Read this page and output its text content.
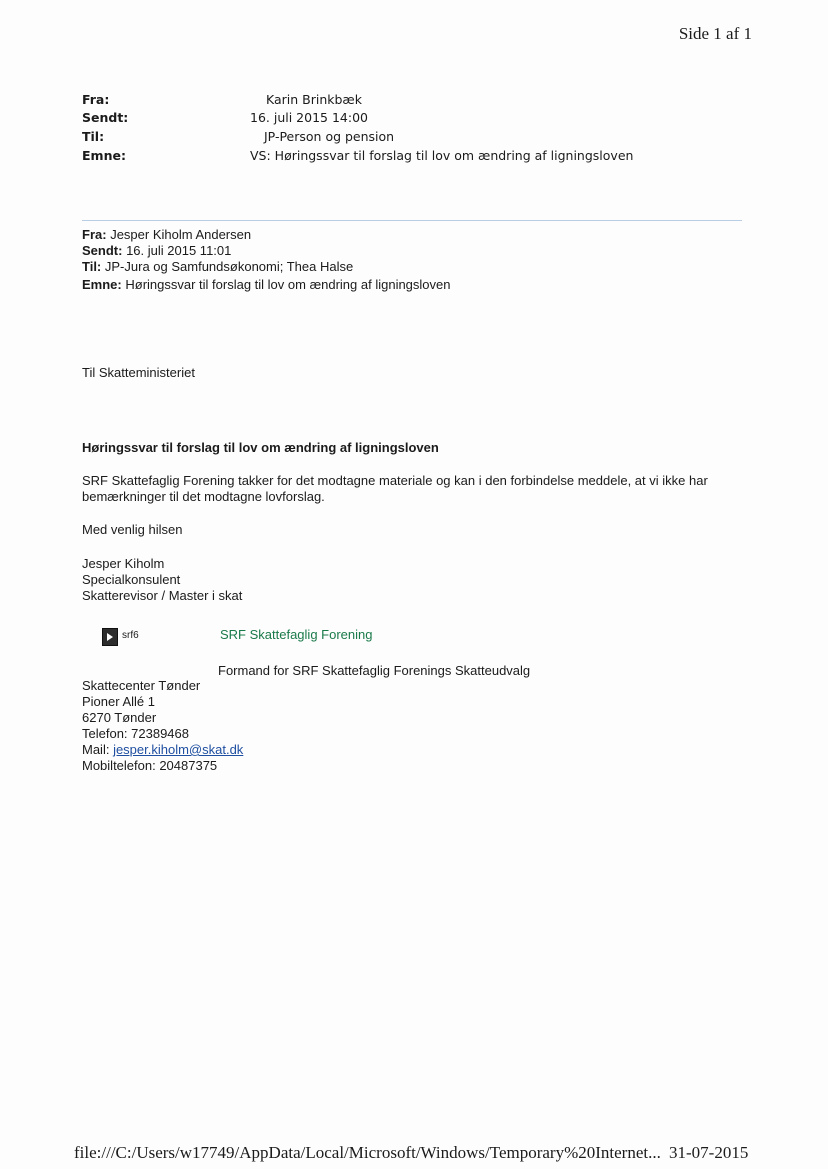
Side 1 af 1
Fra:	Karin Brinkbæk
Sendt:	16. juli 2015 14:00
Til:	JP-Person og pension
Emne:	VS: Høringssvar til forslag til lov om ændring af ligningsloven
Fra: Jesper Kiholm Andersen
Sendt: 16. juli 2015 11:01
Til: JP-Jura og Samfundsøkonomi; Thea Halse
Emne: Høringssvar til forslag til lov om ændring af ligningsloven
Til Skatteministeriet
Høringssvar til forslag til lov om ændring af ligningsloven
SRF Skattefaglig Forening takker for det modtagne materiale og kan i den forbindelse meddele, at vi ikke har bemærkninger til det modtagne lovforslag.
Med venlig hilsen
Jesper Kiholm
Specialkonsulent
Skatterevisor / Master i skat
srf6	SRF Skattefaglig Forening
Formand for SRF Skattefaglig Forenings Skatteudvalg
Skattecenter Tønder
Pioner Allé 1
6270 Tønder
Telefon: 72389468
Mail: jesper.kiholm@skat.dk
Mobiltelefon: 20487375
file:///C:/Users/w17749/AppData/Local/Microsoft/Windows/Temporary%20Internet... 31-07-2015
